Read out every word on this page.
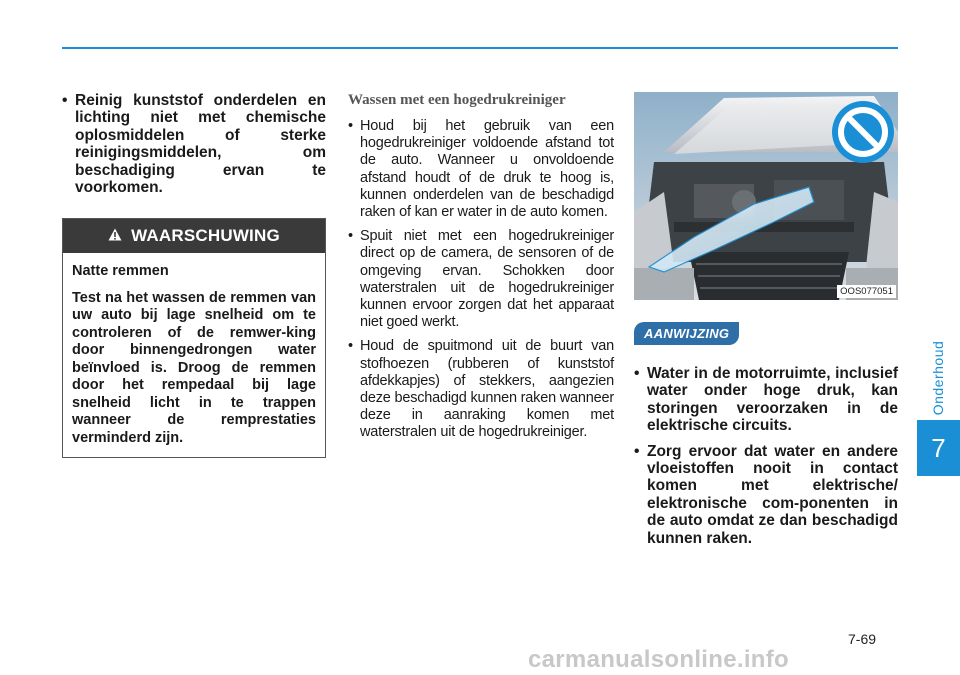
• Reinig kunststof onderdelen en lichting niet met chemische oplosmiddelen of sterke reinigingsmiddelen, om beschadiging ervan te voorkomen.

WAARSCHUWING

Natte remmen

Test na het wassen de remmen van uw auto bij lage snelheid om te controleren of de remwer-king door binnengedrongen water beïnvloed is. Droog de remmen door het rempedaal bij lage snelheid licht in te trappen wanneer de remprestaties verminderd zijn.

Wassen met een hogedrukreiniger

• Houd bij het gebruik van een hogedrukreiniger voldoende afstand tot de auto. Wanneer u onvoldoende afstand houdt of de druk te hoog is, kunnen onderdelen van de beschadigd raken of kan er water in de auto komen.

• Spuit niet met een hogedrukreiniger direct op de camera, de sensoren of de omgeving ervan. Schokken door waterstralen uit de hogedrukreiniger kunnen ervoor zorgen dat het apparaat niet goed werkt.

• Houd de spuitmond uit de buurt van stofhoezen (rubberen of kunststof afdekkapjes) of stekkers, aangezien deze beschadigd kunnen raken wanneer deze in aanraking komen met waterstralen uit de hogedrukreiniger.

OOS077051
AANWIJZING

• Water in de motorruimte, inclusief water onder hoge druk, kan storingen veroorzaken in de elektrische circuits.

• Zorg ervoor dat water en andere vloeistoffen nooit in contact komen met elektrische/ elektronische com-ponenten in de auto omdat ze dan beschadigd kunnen raken.

Onderhoud
7
7-69
carmanualsonline.info
